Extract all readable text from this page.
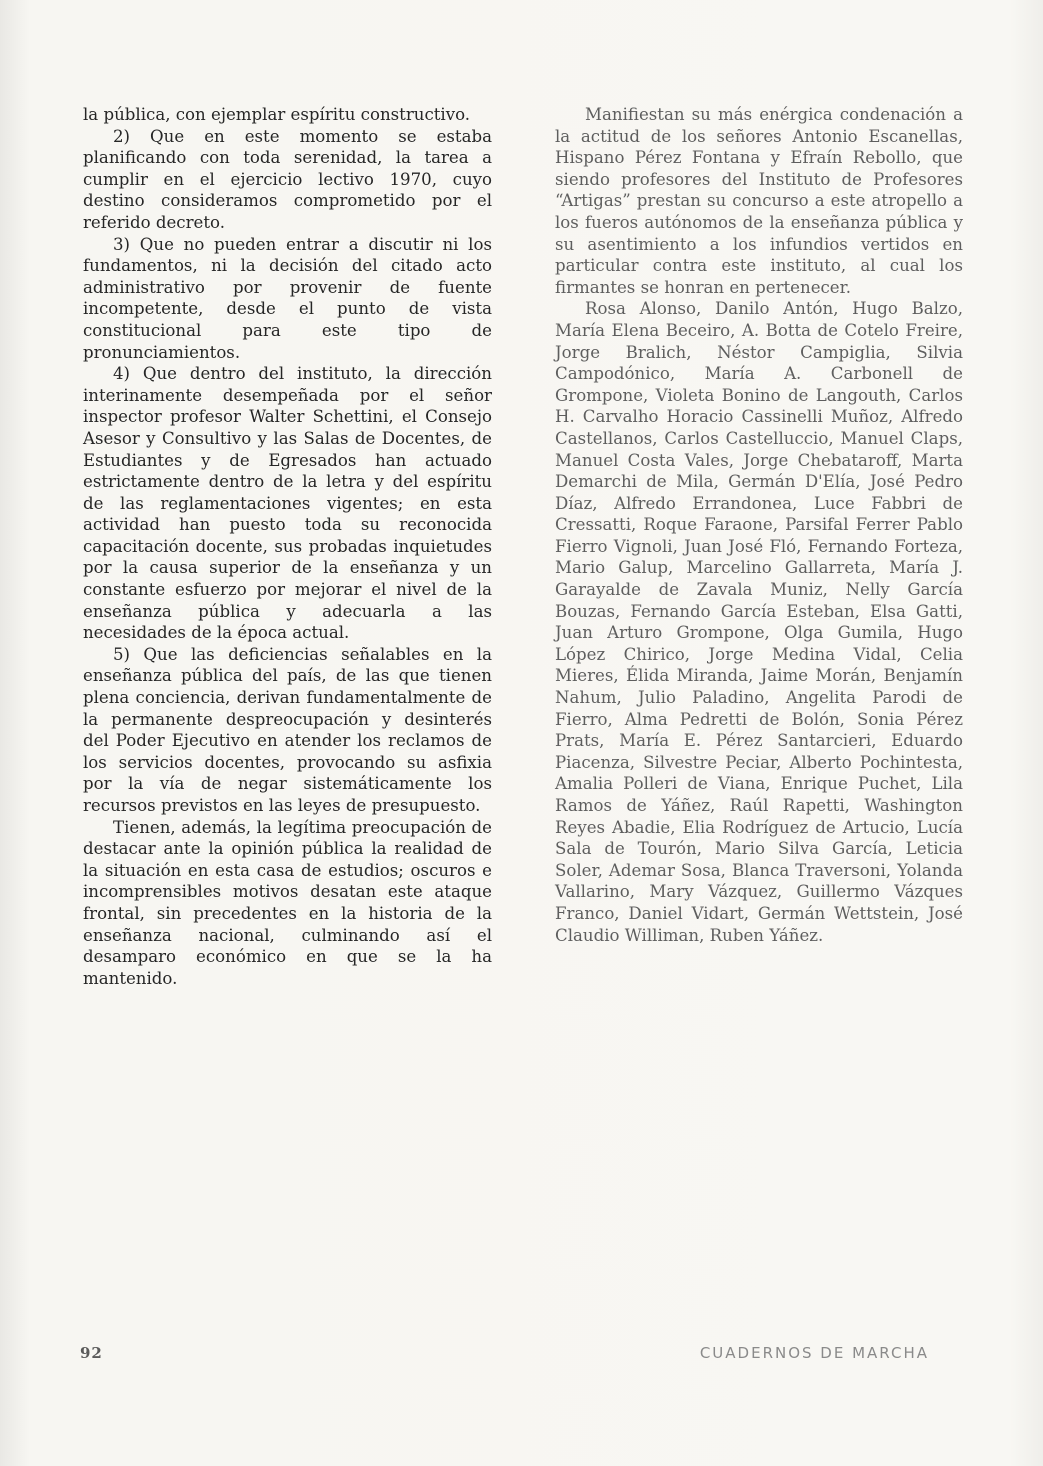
la pública, con ejemplar espíritu constructivo.

2) Que en este momento se estaba planificando con toda serenidad, la tarea a cumplir en el ejercicio lectivo 1970, cuyo destino consideramos comprometido por el referido decreto.

3) Que no pueden entrar a discutir ni los fundamentos, ni la decisión del citado acto administrativo por provenir de fuente incompetente, desde el punto de vista constitucional para este tipo de pronunciamientos.

4) Que dentro del instituto, la dirección interinamente desempeñada por el señor inspector profesor Walter Schettini, el Consejo Asesor y Consultivo y las Salas de Docentes, de Estudiantes y de Egresados han actuado estrictamente dentro de la letra y del espíritu de las reglamentaciones vigentes; en esta actividad han puesto toda su reconocida capacitación docente, sus probadas inquietudes por la causa superior de la enseñanza y un constante esfuerzo por mejorar el nivel de la enseñanza pública y adecuarla a las necesidades de la época actual.

5) Que las deficiencias señalables en la enseñanza pública del país, de las que tienen plena conciencia, derivan fundamentalmente de la permanente despreocupación y desinterés del Poder Ejecutivo en atender los reclamos de los servicios docentes, provocando su asfixia por la vía de negar sistemáticamente los recursos previstos en las leyes de presupuesto.

Tienen, además, la legítima preocupación de destacar ante la opinión pública la realidad de la situación en esta casa de estudios; oscuros e incomprensibles motivos desatan este ataque frontal, sin precedentes en la historia de la enseñanza nacional, culminando así el desamparo económico en que se la ha mantenido.

Manifiestan su más enérgica condenación a la actitud de los señores Antonio Escanellas, Hispano Pérez Fontana y Efraín Rebollo, que siendo profesores del Instituto de Profesores “Artigas” prestan su concurso a este atropello a los fueros autónomos de la enseñanza pública y su asentimiento a los infundios vertidos en particular contra este instituto, al cual los firmantes se honran en pertenecer.

Rosa Alonso, Danilo Antón, Hugo Balzo, María Elena Beceiro, A. Botta de Cotelo Freire, Jorge Bralich, Néstor Campiglia, Silvia Campodónico, María A. Carbonell de Grompone, Violeta Bonino de Langouth, Carlos H. Carvalho Horacio Cassinelli Muñoz, Alfredo Castellanos, Carlos Castelluccio, Manuel Claps, Manuel Costa Vales, Jorge Chebataroff, Marta Demarchi de Mila, Germán D'Elía, José Pedro Díaz, Alfredo Errandonea, Luce Fabbri de Cressatti, Roque Faraone, Parsifal Ferrer Pablo Fierro Vignoli, Juan José Fló, Fernando Forteza, Mario Galup, Marcelino Gallarreta, María J. Garayalde de Zavala Muniz, Nelly García Bouzas, Fernando García Esteban, Elsa Gatti, Juan Arturo Grompone, Olga Gumila, Hugo López Chirico, Jorge Medina Vidal, Celia Mieres, Élida Miranda, Jaime Morán, Benjamín Nahum, Julio Paladino, Angelita Parodi de Fierro, Alma Pedretti de Bolón, Sonia Pérez Prats, María E. Pérez Santarcieri, Eduardo Piacenza, Silvestre Peciar, Alberto Pochintesta, Amalia Polleri de Viana, Enrique Puchet, Lila Ramos de Yáñez, Raúl Rapetti, Washington Reyes Abadie, Elia Rodríguez de Artucio, Lucía Sala de Tourón, Mario Silva García, Leticia Soler, Ademar Sosa, Blanca Traversoni, Yolanda Vallarino, Mary Vázquez, Guillermo Vázques Franco, Daniel Vidart, Germán Wettstein, José Claudio Williman, Ruben Yáñez.

92	CUADERNOS DE MARCHA
